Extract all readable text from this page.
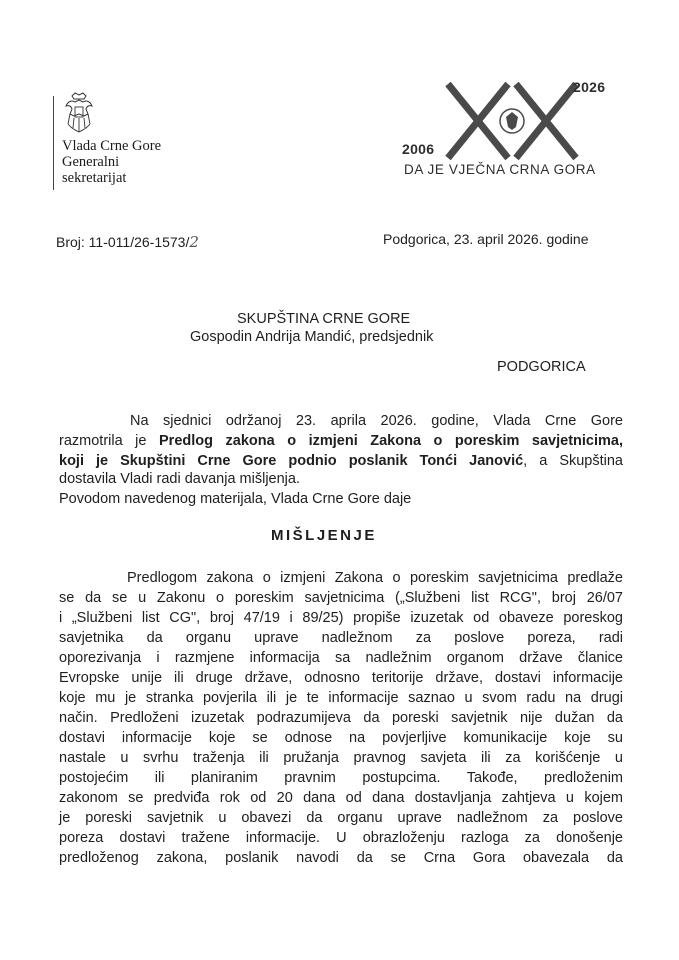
Vlada Crne Gore
Generalni
sekretarijat
2026
2006
DA JE VJEČNA CRNA GORA
Broj: 11-011/26-1573/2	Podgorica, 23. april 2026. godine
SKUPŠTINA CRNE GORE
Gospodin Andrija Mandić, predsjednik
PODGORICA
Na sjednici održanoj 23. aprila 2026. godine, Vlada Crne Gore
razmotrila je Predlog zakona o izmjeni Zakona o poreskim savjetnicima,
koji je Skupštini Crne Gore podnio poslanik Tonći Janović, a Skupština
dostavila Vladi radi davanja mišljenja.
Povodom navedenog materijala, Vlada Crne Gore daje
MIŠLJENJE
Predlogom zakona o izmjeni Zakona o poreskim savjetnicima predlaže
se da se u Zakonu o poreskim savjetnicima („Službeni list RCG", broj 26/07
i „Službeni list CG", broj 47/19 i 89/25) propiše izuzetak od obaveze poreskog
savjetnika da organu uprave nadležnom za poslove poreza, radi
oporezivanja i razmjene informacija sa nadležnim organom države članice
Evropske unije ili druge države, odnosno teritorije države, dostavi informacije
koje mu je stranka povjerila ili je te informacije saznao u svom radu na drugi
način. Predloženi izuzetak podrazumijeva da poreski savjetnik nije dužan da
dostavi informacije koje se odnose na povjerljive komunikacije koje su
nastale u svrhu traženja ili pružanja pravnog savjeta ili za korišćenje u
postojećim ili planiranim pravnim postupcima. Takođe, predloženim
zakonom se predviđa rok od 20 dana od dana dostavljanja zahtjeva u kojem
je poreski savjetnik u obavezi da organu uprave nadležnom za poslove
poreza dostavi tražene informacije. U obrazloženju razloga za donošenje
predloženog zakona, poslanik navodi da se Crna Gora obavezala da
